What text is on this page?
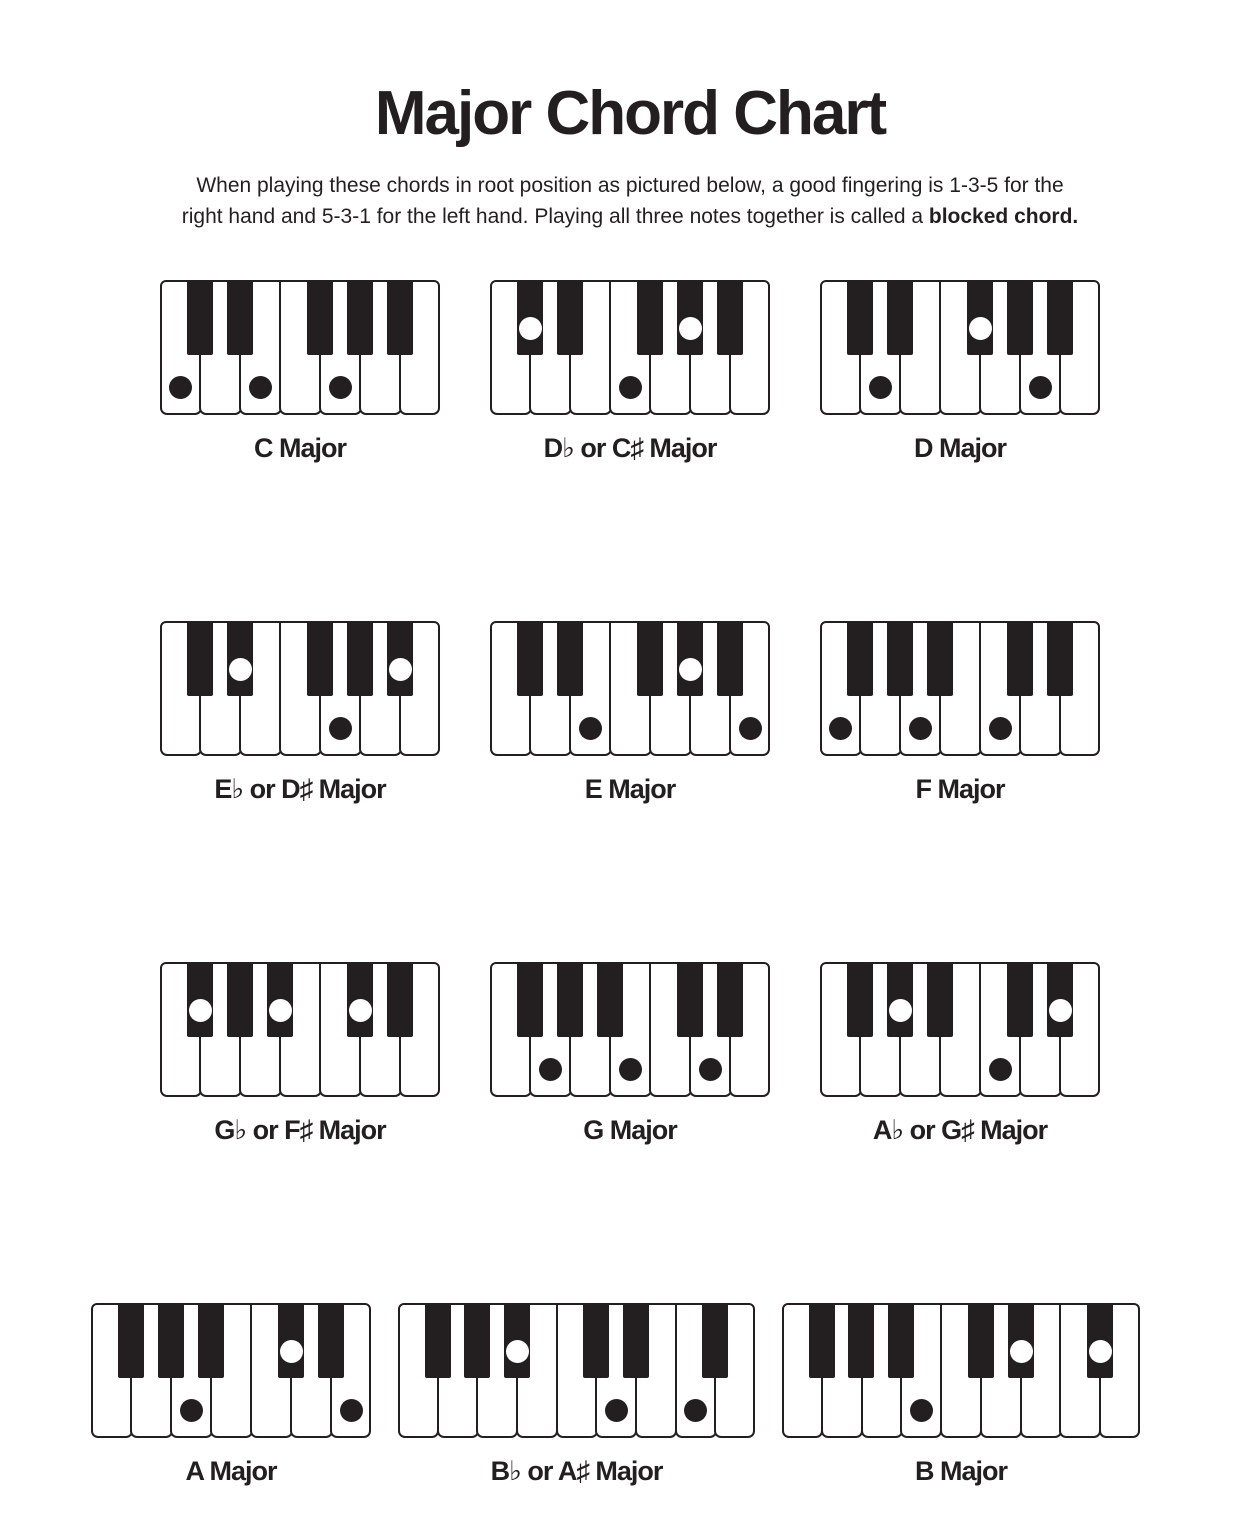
Major Chord Chart
When playing these chords in root position as pictured below, a good fingering is 1-3-5 for the
right hand and 5-3-1 for the left hand. Playing all three notes together is called a blocked chord.
C Major	D♭ or C♯ Major	D Major
E♭ or D♯ Major	E Major	F Major
G♭ or F♯ Major	G Major	A♭ or G♯ Major
A Major	B♭ or A♯ Major	B Major
